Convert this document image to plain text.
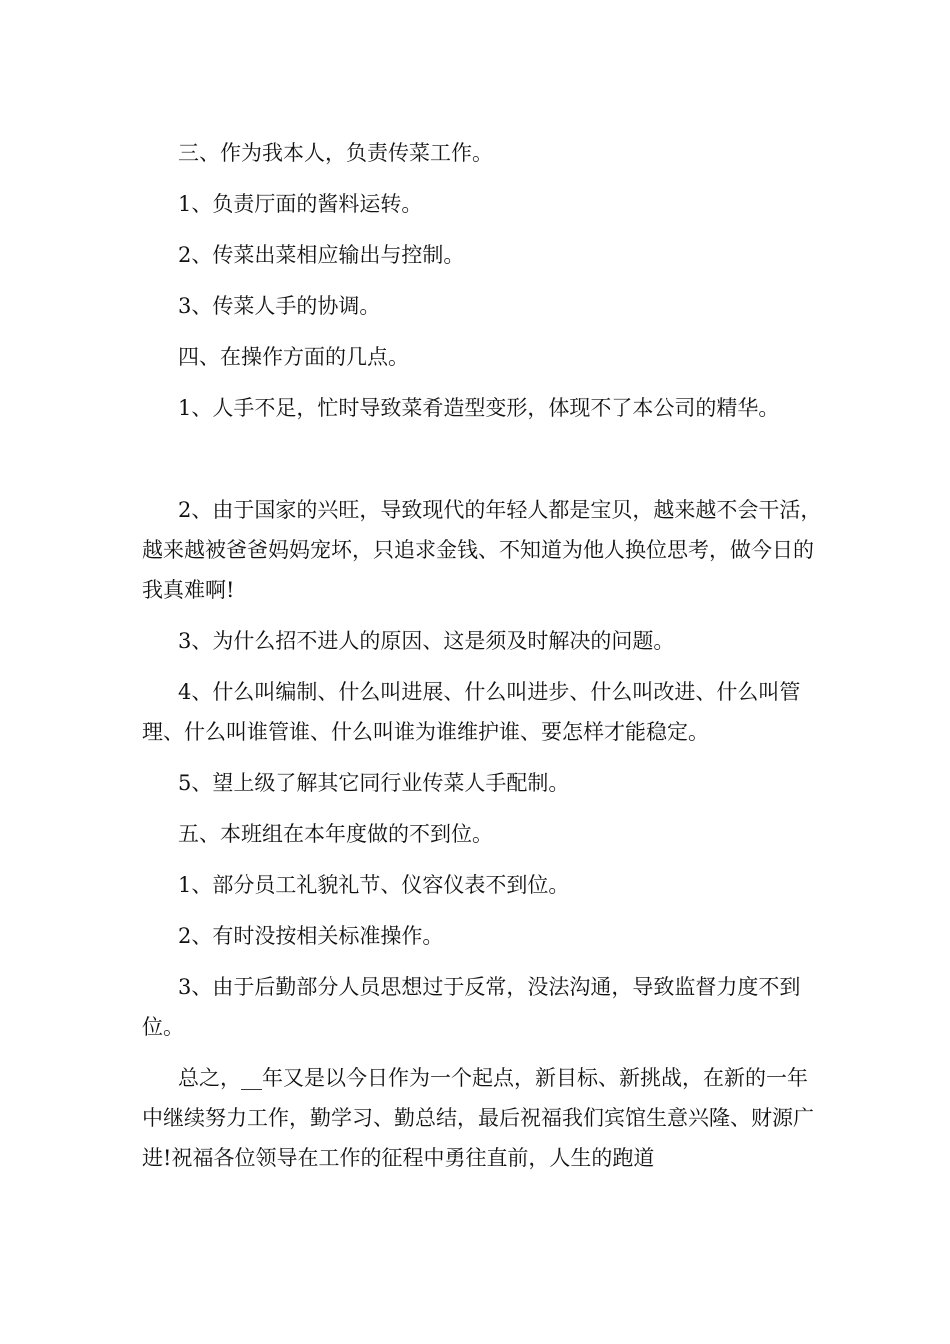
三、作为我本人，负责传菜工作。

1、负责厅面的酱料运转。

2、传菜出菜相应输出与控制。

3、传菜人手的协调。

四、在操作方面的几点。

1、人手不足，忙时导致菜肴造型变形，体现不了本公司的精华。

2、由于国家的兴旺，导致现代的年轻人都是宝贝，越来越不会干活，越来越被爸爸妈妈宠坏，只追求金钱、不知道为他人换位思考，做今日的我真难啊!

3、为什么招不进人的原因、这是须及时解决的问题。

4、什么叫编制、什么叫进展、什么叫进步、什么叫改进、什么叫管理、什么叫谁管谁、什么叫谁为谁维护谁、要怎样才能稳定。

5、望上级了解其它同行业传菜人手配制。

五、本班组在本年度做的不到位。

1、部分员工礼貌礼节、仪容仪表不到位。

2、有时没按相关标准操作。

3、由于后勤部分人员思想过于反常，没法沟通，导致监督力度不到位。

总之，__年又是以今日作为一个起点，新目标、新挑战，在新的一年中继续努力工作，勤学习、勤总结，最后祝福我们宾馆生意兴隆、财源广进!祝福各位领导在工作的征程中勇往直前，人生的跑道
